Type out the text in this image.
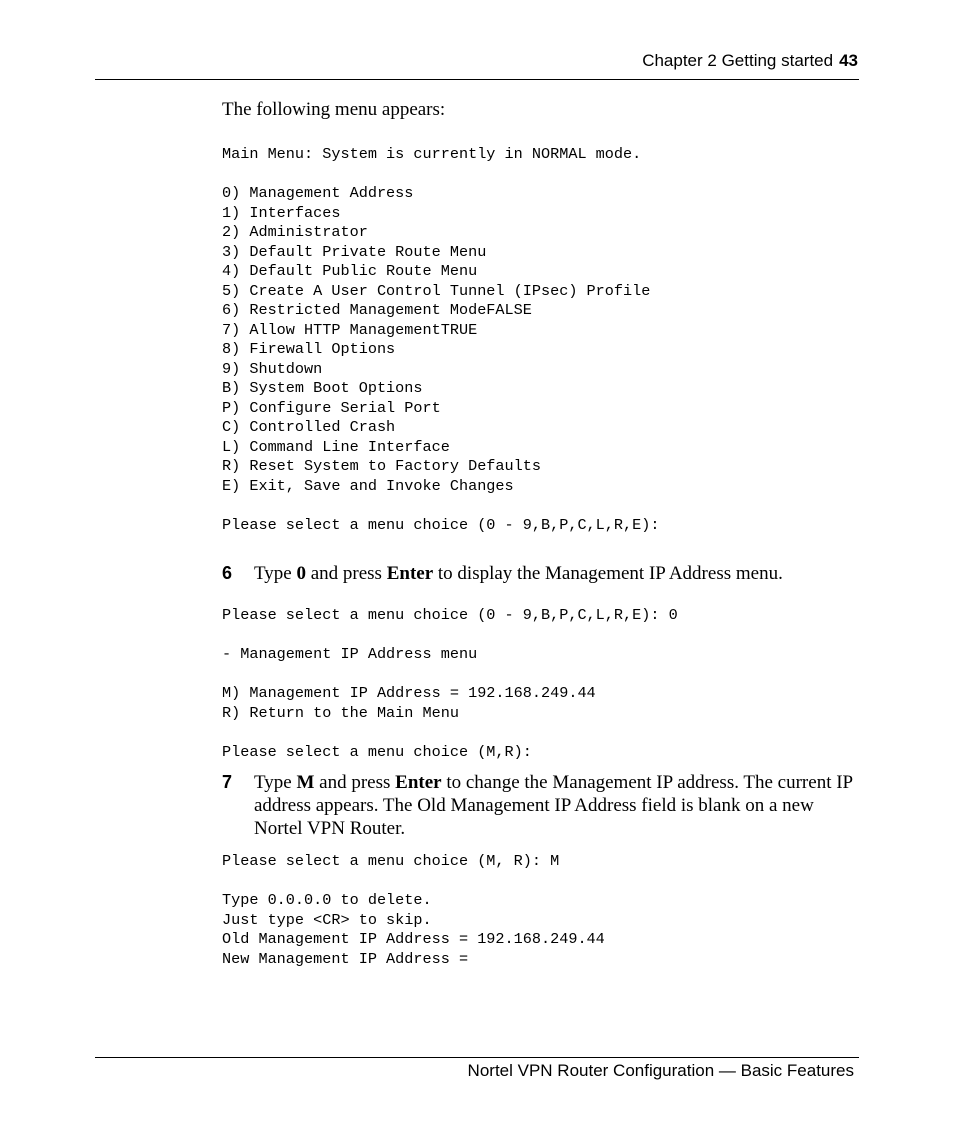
Chapter 2 Getting started 43
The following menu appears:
Main Menu: System is currently in NORMAL mode.

0) Management Address
1) Interfaces
2) Administrator
3) Default Private Route Menu
4) Default Public Route Menu
5) Create A User Control Tunnel (IPsec) Profile
6) Restricted Management ModeFALSE
7) Allow HTTP ManagementTRUE
8) Firewall Options
9) Shutdown
B) System Boot Options
P) Configure Serial Port
C) Controlled Crash
L) Command Line Interface
R) Reset System to Factory Defaults
E) Exit, Save and Invoke Changes

Please select a menu choice (0 - 9,B,P,C,L,R,E):
6 Type 0 and press Enter to display the Management IP Address menu.
Please select a menu choice (0 - 9,B,P,C,L,R,E): 0

- Management IP Address menu

M) Management IP Address = 192.168.249.44
R) Return to the Main Menu

Please select a menu choice (M,R):
7 Type M and press Enter to change the Management IP address. The current IP address appears. The Old Management IP Address field is blank on a new Nortel VPN Router.
Please select a menu choice (M, R): M

Type 0.0.0.0 to delete.
Just type <CR> to skip.
Old Management IP Address = 192.168.249.44
New Management IP Address =
Nortel VPN Router Configuration — Basic Features
